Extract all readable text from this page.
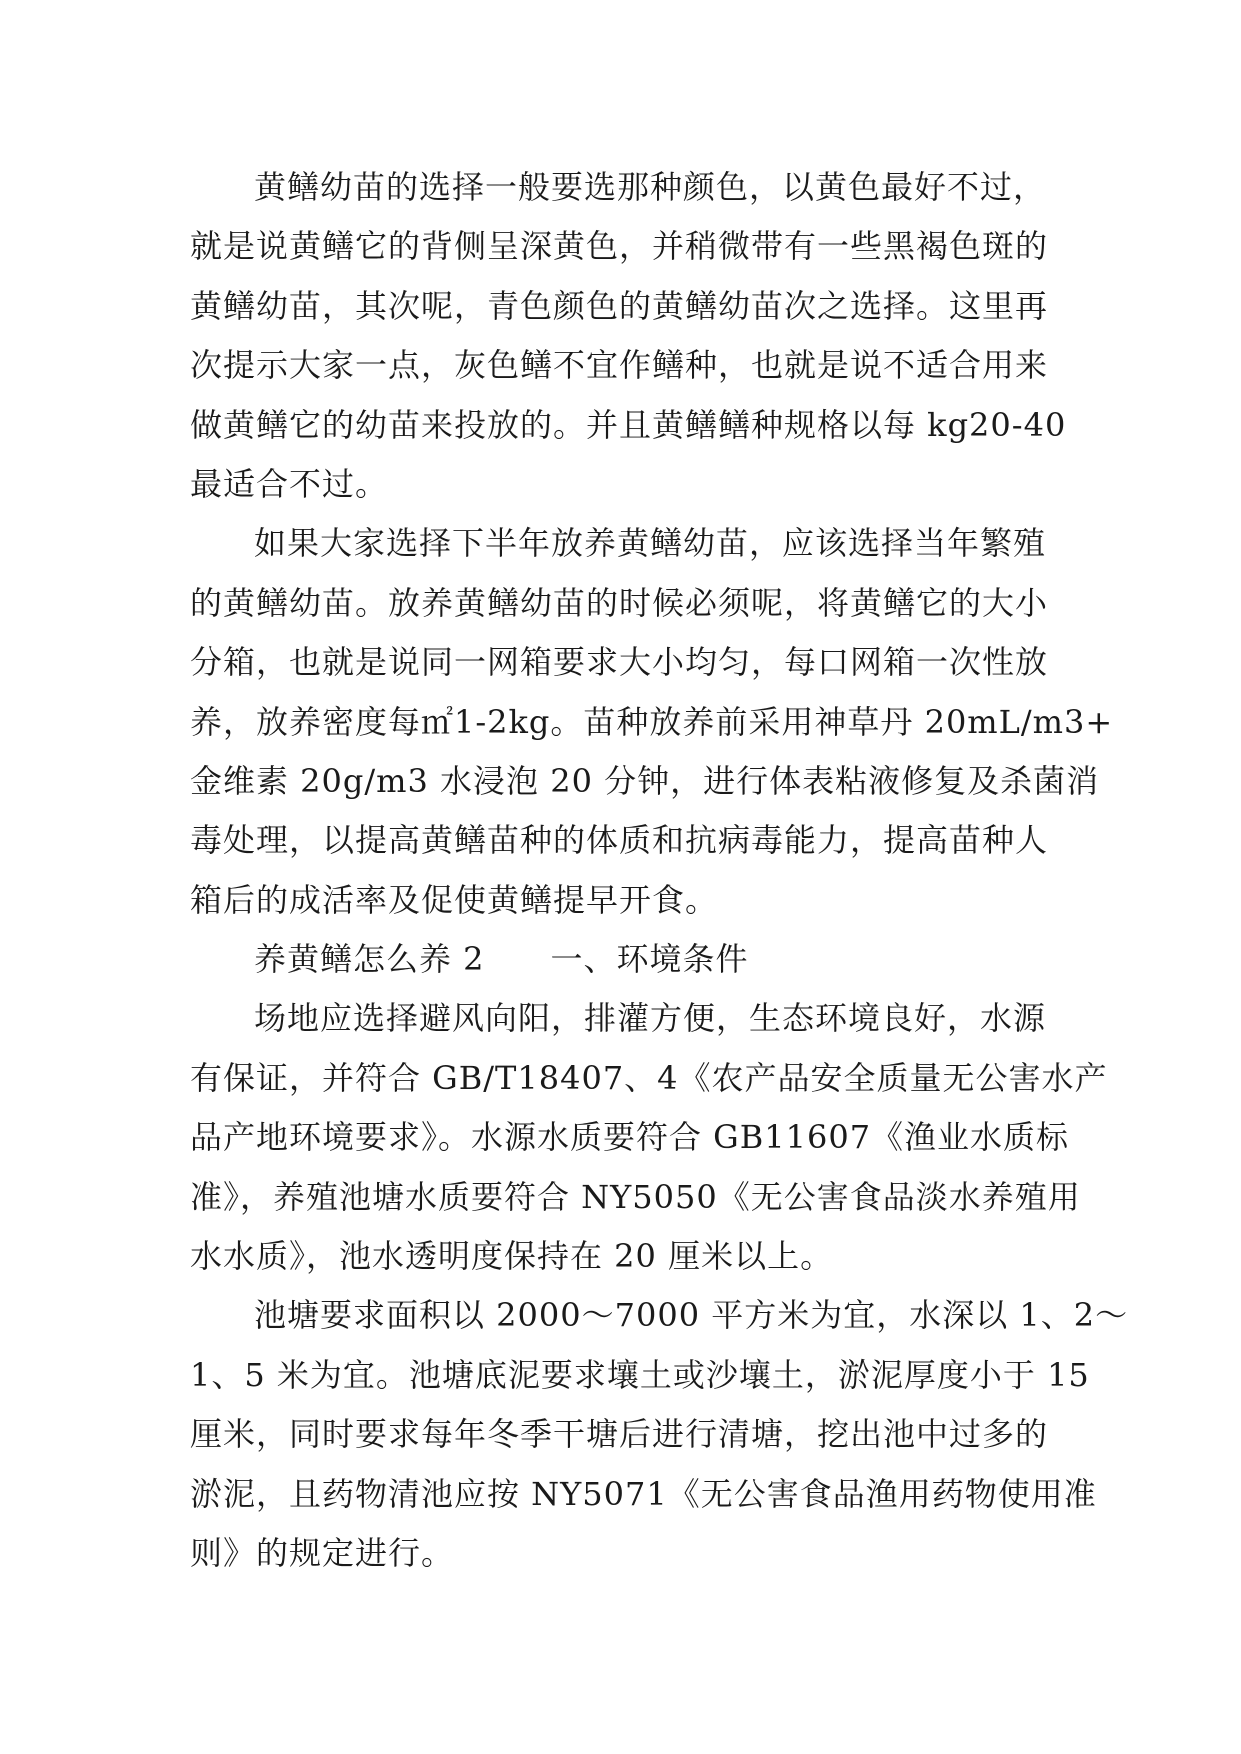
黄鳝幼苗的选择一般要选那种颜色，以黄色最好不过，
就是说黄鳝它的背侧呈深黄色，并稍微带有一些黑褐色斑的
黄鳝幼苗，其次呢，青色颜色的黄鳝幼苗次之选择。这里再
次提示大家一点，灰色鳝不宜作鳝种，也就是说不适合用来
做黄鳝它的幼苗来投放的。并且黄鳝鳝种规格以每 kg20-40
最适合不过。
如果大家选择下半年放养黄鳝幼苗，应该选择当年繁殖
的黄鳝幼苗。放养黄鳝幼苗的时候必须呢，将黄鳝它的大小
分箱，也就是说同一网箱要求大小均匀，每口网箱一次性放
养，放养密度每㎡1-2kg。苗种放养前采用神草丹 20mL/m3+
金维素 20g/m3 水浸泡 20 分钟，进行体表粘液修复及杀菌消
毒处理，以提高黄鳝苗种的体质和抗病毒能力，提高苗种人
箱后的成活率及促使黄鳝提早开食。
养黄鳝怎么养 2　　一、环境条件
场地应选择避风向阳，排灌方便，生态环境良好，水源
有保证，并符合 GB/T18407、4《农产品安全质量无公害水产
品产地环境要求》。水源水质要符合 GB11607《渔业水质标
准》，养殖池塘水质要符合 NY5050《无公害食品淡水养殖用
水水质》，池水透明度保持在 20 厘米以上。
池塘要求面积以 2000～7000 平方米为宜，水深以 1、2～
1、5 米为宜。池塘底泥要求壤土或沙壤土，淤泥厚度小于 15
厘米，同时要求每年冬季干塘后进行清塘，挖出池中过多的
淤泥，且药物清池应按 NY5071《无公害食品渔用药物使用准
则》的规定进行。
